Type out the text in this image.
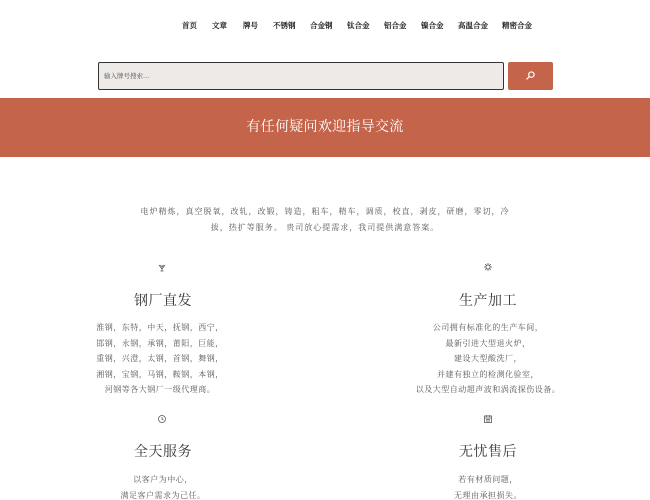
首页 文章 牌号 不锈钢 合金钢 钛合金 铝合金 镍合金 高温合金 精密合金
输入牌号搜索...
有任何疑问欢迎指导交流
电炉精炼，真空脱氧，改轧，改锻，铸造，粗车，精车，调质，校直，剥皮，研磨，零切，冷
拔，热扩等服务。 贵司放心提需求，我司提供满意答案。
钢厂直发
淮钢，东特，中天，抚钢，西宁，
邯钢，永钢，承钢，莆阳，巨能，
重钢，兴澄，太钢，首钢，舞钢，
湘钢，宝钢，马钢，鞍钢，本钢，
河钢等各大钢厂一级代理商。
生产加工
公司拥有标准化的生产车间，
最新引进大型退火炉，
建设大型酸洗厂，
并建有独立的检测化验室，
以及大型自动超声波和涡流探伤设备。
全天服务
以客户为中心，
满足客户需求为己任。
无忧售后
若有材质问题，
无理由承担损失。
